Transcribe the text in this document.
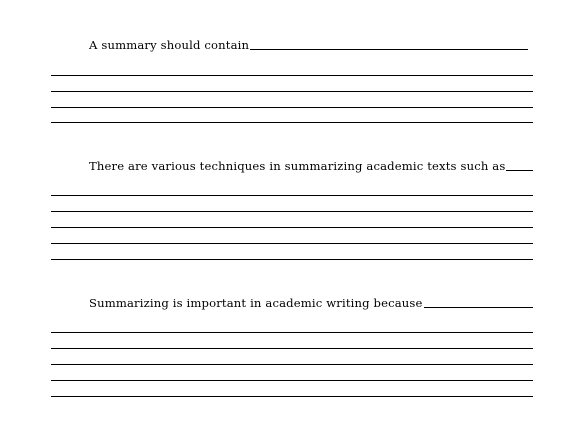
A summary should contain
There are various techniques in summarizing academic texts such as
Summarizing is important in academic writing because
